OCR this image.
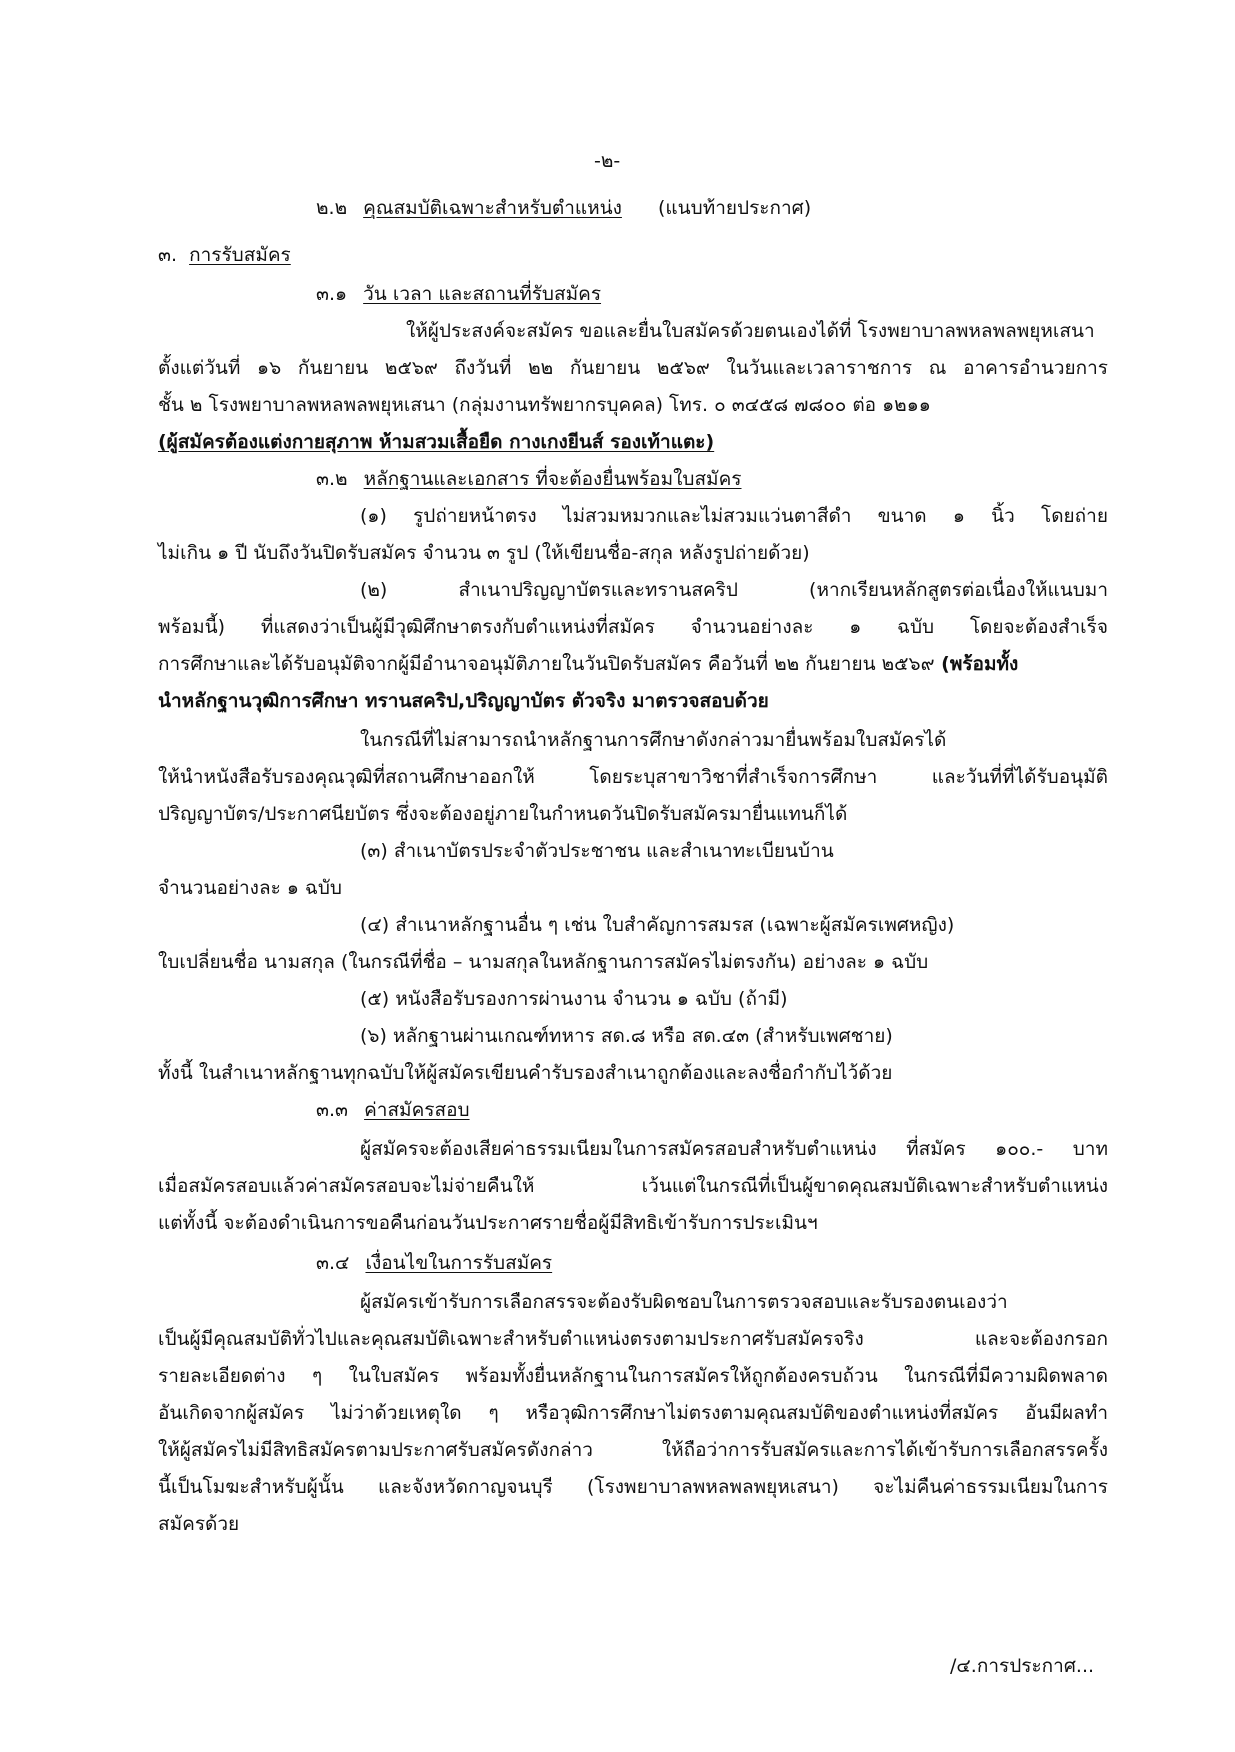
-๒-
๒.๒ คุณสมบัติเฉพาะสำหรับตำแหน่ง (แนบท้ายประกาศ)
๓. การรับสมัคร
๓.๑ วัน เวลา และสถานที่รับสมัคร
ให้ผู้ประสงค์จะสมัคร ขอและยื่นใบสมัครด้วยตนเองได้ที่ โรงพยาบาลพหลพลพยุหเสนา
ตั้งแต่วันที่ ๑๖ กันยายน ๒๕๖๙ ถึงวันที่ ๒๒ กันยายน ๒๕๖๙ ในวันและเวลาราชการ ณ อาคารอำนวยการ
ชั้น ๒ โรงพยาบาลพหลพลพยุหเสนา (กลุ่มงานทรัพยากรบุคคล) โทร. ๐ ๓๔๕๘ ๗๘๐๐ ต่อ ๑๒๑๑
(ผู้สมัครต้องแต่งกายสุภาพ ห้ามสวมเสื้อยืด กางเกงยีนส์ รองเท้าแตะ)
๓.๒ หลักฐานและเอกสาร ที่จะต้องยื่นพร้อมใบสมัคร
(๑) รูปถ่ายหน้าตรง ไม่สวมหมวกและไม่สวมแว่นตาสีดำ ขนาด ๑ นิ้ว โดยถ่าย
ไม่เกิน ๑ ปี นับถึงวันปิดรับสมัคร จำนวน ๓ รูป (ให้เขียนชื่อ-สกุล หลังรูปถ่ายด้วย)
(๒) สำเนาปริญญาบัตรและทรานสคริป (หากเรียนหลักสูตรต่อเนื่องให้แนบมา
พร้อมนี้) ที่แสดงว่าเป็นผู้มีวุฒิศึกษาตรงกับตำแหน่งที่สมัคร จำนวนอย่างละ ๑ ฉบับ โดยจะต้องสำเร็จ
การศึกษาและได้รับอนุมัติจากผู้มีอำนาจอนุมัติภายในวันปิดรับสมัคร คือวันที่ ๒๒ กันยายน ๒๕๖๙ (พร้อมทั้ง
นำหลักฐานวุฒิการศึกษา ทรานสคริป,ปริญญาบัตร ตัวจริง มาตรวจสอบด้วย
ในกรณีที่ไม่สามารถนำหลักฐานการศึกษาดังกล่าวมายื่นพร้อมใบสมัครได้
ให้นำหนังสือรับรองคุณวุฒิที่สถานศึกษาออกให้ โดยระบุสาขาวิชาที่สำเร็จการศึกษา และวันที่ที่ได้รับอนุมัติ
ปริญญาบัตร/ประกาศนียบัตร ซึ่งจะต้องอยู่ภายในกำหนดวันปิดรับสมัครมายื่นแทนก็ได้
(๓) สำเนาบัตรประจำตัวประชาชน และสำเนาทะเบียนบ้าน
จำนวนอย่างละ ๑ ฉบับ
(๔) สำเนาหลักฐานอื่น ๆ เช่น ใบสำคัญการสมรส (เฉพาะผู้สมัครเพศหญิง)
ใบเปลี่ยนชื่อ นามสกุล (ในกรณีที่ชื่อ – นามสกุลในหลักฐานการสมัครไม่ตรงกัน) อย่างละ ๑ ฉบับ
(๕) หนังสือรับรองการผ่านงาน จำนวน ๑ ฉบับ (ถ้ามี)
(๖) หลักฐานผ่านเกณฑ์ทหาร สด.๘ หรือ สด.๔๓ (สำหรับเพศชาย)
ทั้งนี้ ในสำเนาหลักฐานทุกฉบับให้ผู้สมัครเขียนคำรับรองสำเนาถูกต้องและลงชื่อกำกับไว้ด้วย
๓.๓ ค่าสมัครสอบ
ผู้สมัครจะต้องเสียค่าธรรมเนียมในการสมัครสอบสำหรับตำแหน่ง ที่สมัคร ๑๐๐.- บาท
เมื่อสมัครสอบแล้วค่าสมัครสอบจะไม่จ่ายคืนให้ เว้นแต่ในกรณีที่เป็นผู้ขาดคุณสมบัติเฉพาะสำหรับตำแหน่ง
แต่ทั้งนี้ จะต้องดำเนินการขอคืนก่อนวันประกาศรายชื่อผู้มีสิทธิเข้ารับการประเมินฯ
๓.๔ เงื่อนไขในการรับสมัคร
ผู้สมัครเข้ารับการเลือกสรรจะต้องรับผิดชอบในการตรวจสอบและรับรองตนเองว่า
เป็นผู้มีคุณสมบัติทั่วไปและคุณสมบัติเฉพาะสำหรับตำแหน่งตรงตามประกาศรับสมัครจริง และจะต้องกรอก
รายละเอียดต่าง ๆ ในใบสมัคร พร้อมทั้งยื่นหลักฐานในการสมัครให้ถูกต้องครบถ้วน ในกรณีที่มีความผิดพลาด
อันเกิดจากผู้สมัคร ไม่ว่าด้วยเหตุใด ๆ หรือวุฒิการศึกษาไม่ตรงตามคุณสมบัติของตำแหน่งที่สมัคร อันมีผลทำ
ให้ผู้สมัครไม่มีสิทธิสมัครตามประกาศรับสมัครดังกล่าว ให้ถือว่าการรับสมัครและการได้เข้ารับการเลือกสรรครั้ง
นี้เป็นโมฆะสำหรับผู้นั้น และจังหวัดกาญจนบุรี (โรงพยาบาลพหลพลพยุหเสนา) จะไม่คืนค่าธรรมเนียมในการ
สมัครด้วย
/๔.การประกาศ...
